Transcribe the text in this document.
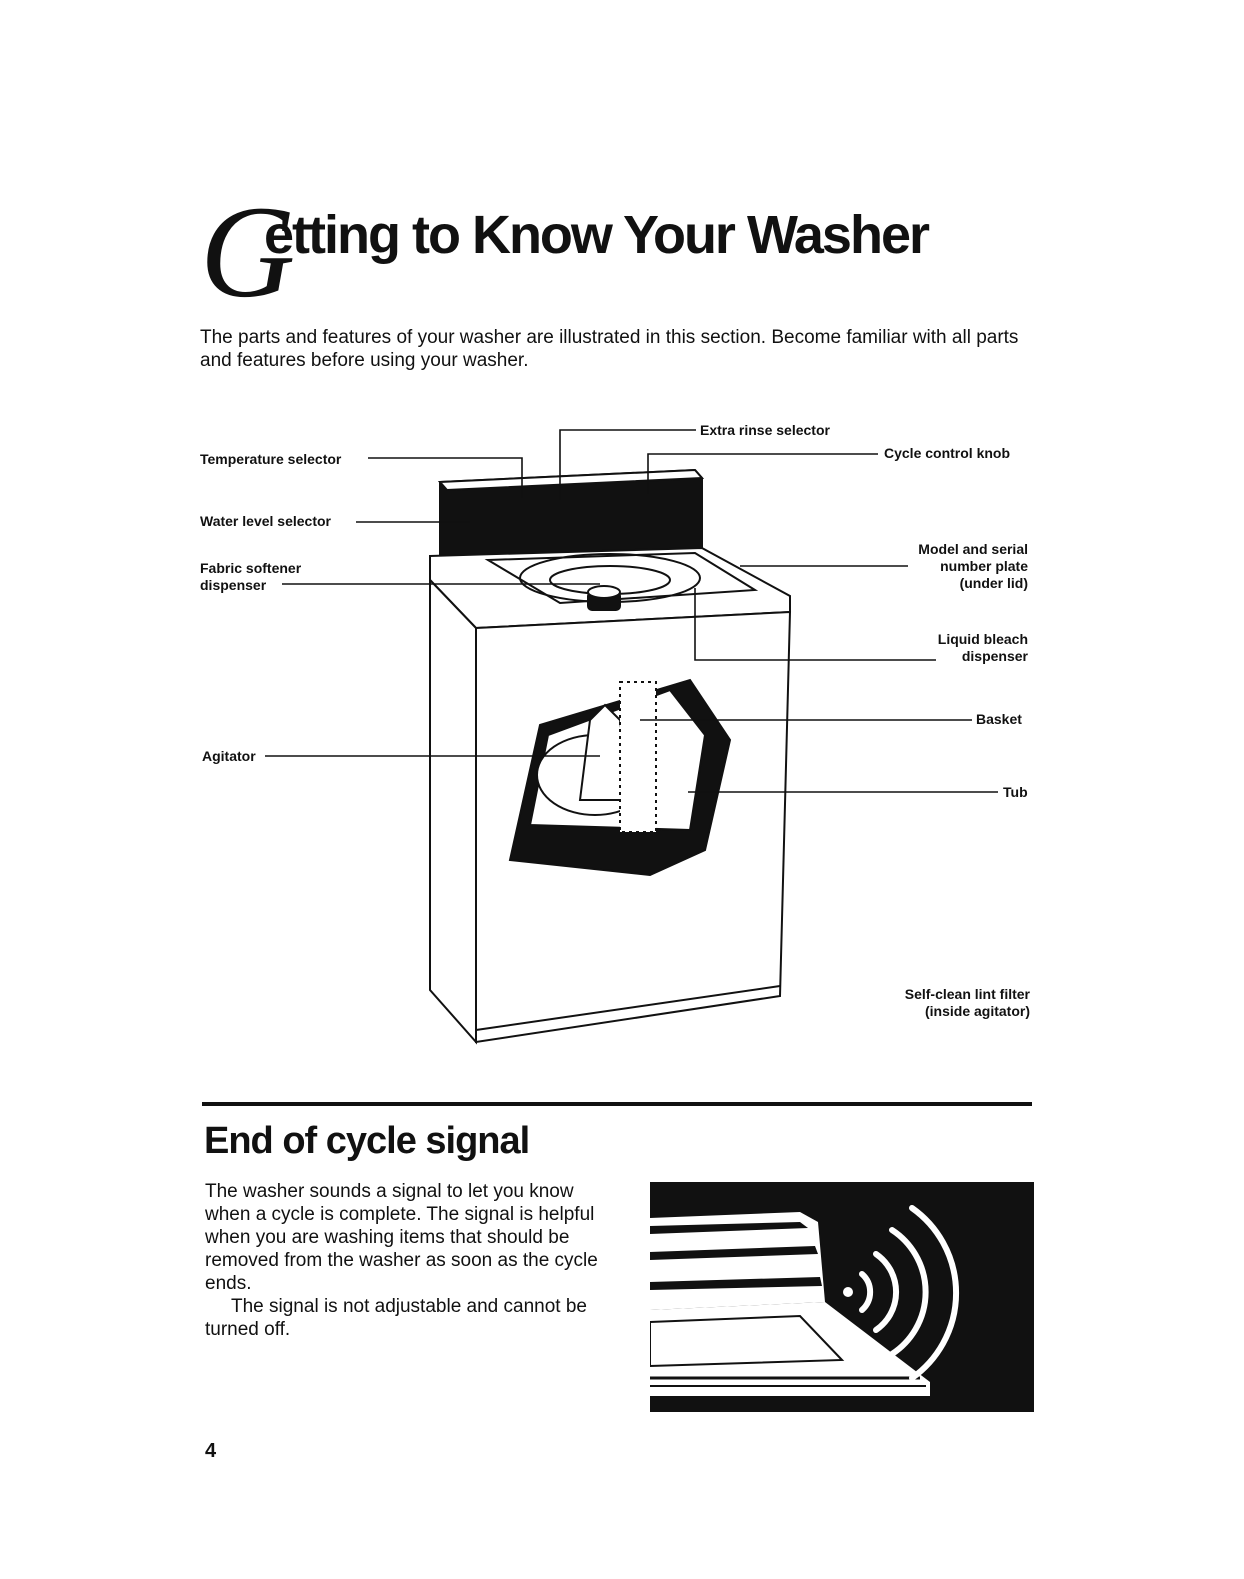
G
etting to Know Your Washer
The parts and features of your washer are illustrated in this section. Become familiar with all parts and features before using your washer.
Extra rinse selector
Temperature selector	Cycle control knob
Water level selector
Model and serial
number plate
(under lid)
Fabric softener
dispenser
Liquid bleach
dispenser
Basket
Agitator
Tub
Self-clean lint filter
(inside agitator)
End of cycle signal

The washer sounds a signal to let you know when a cycle is complete. The signal is helpful when you are washing items that should be removed from the washer as soon as the cycle ends.

The signal is not adjustable and cannot be turned off.

4
